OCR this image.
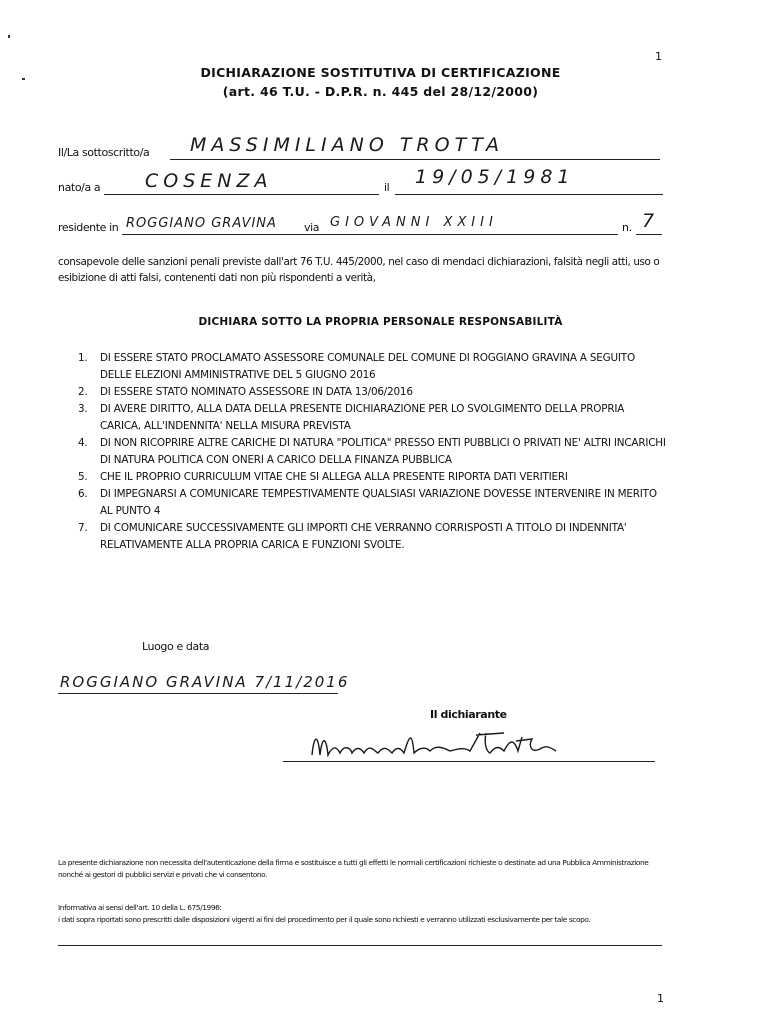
1
DICHIARAZIONE SOSTITUTIVA DI CERTIFICAZIONE
(art. 46 T.U. - D.P.R. n. 445 del 28/12/2000)
Il/La sottoscritto/a MASSIMILIANO TROTTA
nato/a a COSENZA	il 19/05/1981
residente in ROGGIANO GRAVINA via GIOVANNI XXIII	n. 7
consapevole delle sanzioni penali previste dall'art 76 T.U. 445/2000, nel caso di mendaci dichiarazioni, falsità negli atti, uso o esibizione di atti falsi, contenenti dati non più rispondenti a verità,
DICHIARA SOTTO LA PROPRIA PERSONALE RESPONSABILITÀ
1. DI ESSERE STATO PROCLAMATO ASSESSORE COMUNALE DEL COMUNE DI ROGGIANO GRAVINA A SEGUITO DELLE ELEZIONI AMMINISTRATIVE DEL 5 GIUGNO 2016
2. DI ESSERE STATO NOMINATO ASSESSORE IN DATA 13/06/2016
3. DI AVERE DIRITTO, ALLA DATA DELLA PRESENTE DICHIARAZIONE PER LO SVOLGIMENTO DELLA PROPRIA CARICA, ALL'INDENNITA' NELLA MISURA PREVISTA
4. DI NON RICOPRIRE ALTRE CARICHE DI NATURA "POLITICA" PRESSO ENTI PUBBLICI O PRIVATI NE' ALTRI INCARICHI DI NATURA POLITICA CON ONERI A CARICO DELLA FINANZA PUBBLICA
5. CHE IL PROPRIO CURRICULUM VITAE CHE SI ALLEGA ALLA PRESENTE RIPORTA DATI VERITIERI
6. DI IMPEGNARSI A COMUNICARE TEMPESTIVAMENTE QUALSIASI VARIAZIONE DOVESSE INTERVENIRE IN MERITO AL PUNTO 4
7. DI COMUNICARE SUCCESSIVAMENTE GLI IMPORTI CHE VERRANNO CORRISPOSTI A TITOLO DI INDENNITA' RELATIVAMENTE ALLA PROPRIA CARICA E FUNZIONI SVOLTE.
Luogo e data
ROGGIANO GRAVINA 7/11/2016
Il dichiarante
La presente dichiarazione non necessita dell'autenticazione della firma e sostituisce a tutti gli effetti le normali certificazioni richieste o destinate ad una Pubblica Amministrazione nonché ai gestori di pubblici servizi e privati che vi consentono.
Informativa ai sensi dell'art. 10 della L. 675/1996:
i dati sopra riportati sono prescritti dalle disposizioni vigenti ai fini del procedimento per il quale sono richiesti e verranno utilizzati esclusivamente per tale scopo.
1
